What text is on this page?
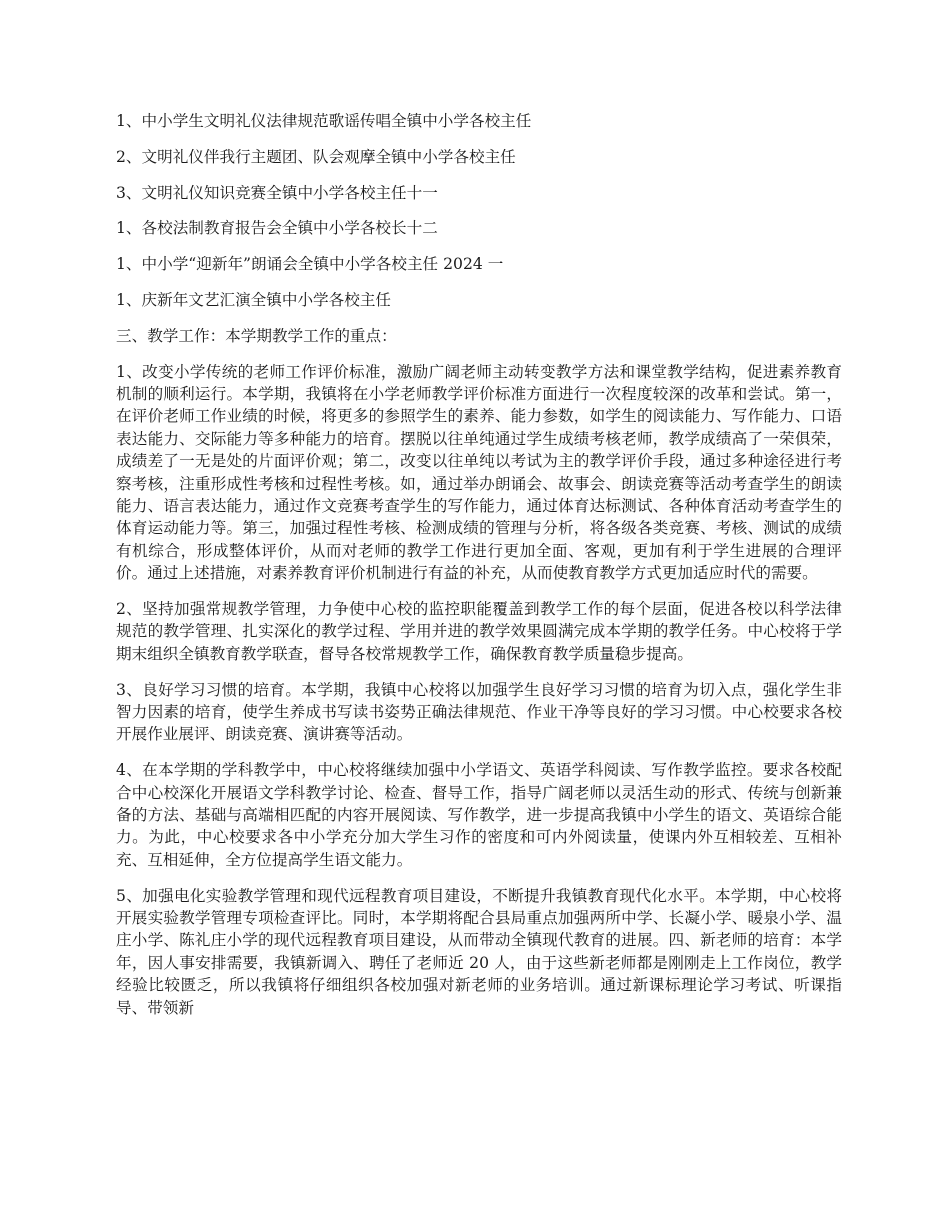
1、中小学生文明礼仪法律规范歌谣传唱全镇中小学各校主任

2、文明礼仪伴我行主题团、队会观摩全镇中小学各校主任

3、文明礼仪知识竞赛全镇中小学各校主任十一

1、各校法制教育报告会全镇中小学各校长十二

1、中小学“迎新年”朗诵会全镇中小学各校主任 2024 一

1、庆新年文艺汇演全镇中小学各校主任

三、教学工作：本学期教学工作的重点：

1、改变小学传统的老师工作评价标准，激励广阔老师主动转变教学方法和课堂教学结构，促进素养教育机制的顺利运行。本学期，我镇将在小学老师教学评价标准方面进行一次程度较深的改革和尝试。第一，在评价老师工作业绩的时候，将更多的参照学生的素养、能力参数，如学生的阅读能力、写作能力、口语表达能力、交际能力等多种能力的培育。摆脱以往单纯通过学生成绩考核老师，教学成绩高了一荣俱荣，成绩差了一无是处的片面评价观；第二，改变以往单纯以考试为主的教学评价手段，通过多种途径进行考察考核，注重形成性考核和过程性考核。如，通过举办朗诵会、故事会、朗读竞赛等活动考查学生的朗读能力、语言表达能力，通过作文竞赛考查学生的写作能力，通过体育达标测试、各种体育活动考查学生的体育运动能力等。第三，加强过程性考核、检测成绩的管理与分析，将各级各类竞赛、考核、测试的成绩有机综合，形成整体评价，从而对老师的教学工作进行更加全面、客观，更加有利于学生进展的合理评价。通过上述措施，对素养教育评价机制进行有益的补充，从而使教育教学方式更加适应时代的需要。

2、坚持加强常规教学管理，力争使中心校的监控职能覆盖到教学工作的每个层面，促进各校以科学法律规范的教学管理、扎实深化的教学过程、学用并进的教学效果圆满完成本学期的教学任务。中心校将于学期末组织全镇教育教学联查，督导各校常规教学工作，确保教育教学质量稳步提高。

3、良好学习习惯的培育。本学期，我镇中心校将以加强学生良好学习习惯的培育为切入点，强化学生非智力因素的培育，使学生养成书写读书姿势正确法律规范、作业干净等良好的学习习惯。中心校要求各校开展作业展评、朗读竞赛、演讲赛等活动。

4、在本学期的学科教学中，中心校将继续加强中小学语文、英语学科阅读、写作教学监控。要求各校配合中心校深化开展语文学科教学讨论、检查、督导工作，指导广阔老师以灵活生动的形式、传统与创新兼备的方法、基础与高端相匹配的内容开展阅读、写作教学，进一步提高我镇中小学生的语文、英语综合能力。为此，中心校要求各中小学充分加大学生习作的密度和可内外阅读量，使课内外互相较差、互相补充、互相延伸，全方位提高学生语文能力。

5、加强电化实验教学管理和现代远程教育项目建设，不断提升我镇教育现代化水平。本学期，中心校将开展实验教学管理专项检查评比。同时，本学期将配合县局重点加强两所中学、长凝小学、暖泉小学、温庄小学、陈礼庄小学的现代远程教育项目建设，从而带动全镇现代教育的进展。四、新老师的培育：本学年，因人事安排需要，我镇新调入、聘任了老师近 20 人，由于这些新老师都是刚刚走上工作岗位，教学经验比较匮乏，所以我镇将仔细组织各校加强对新老师的业务培训。通过新课标理论学习考试、听课指导、带领新
